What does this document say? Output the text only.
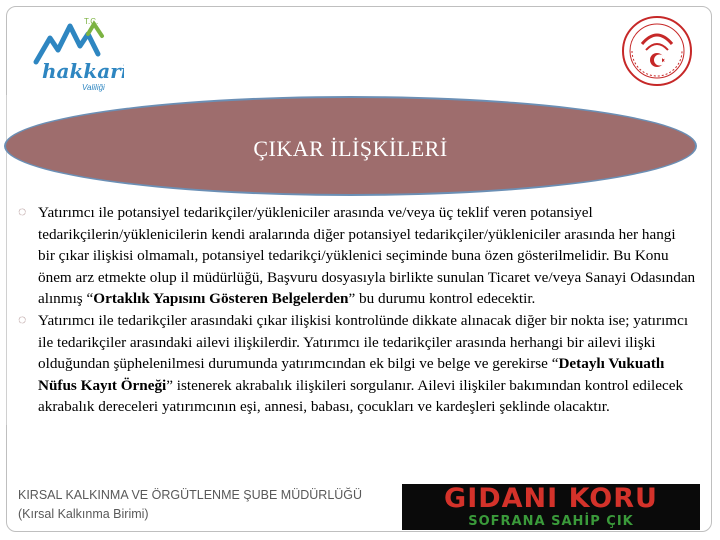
T.C.
hakkari
Valiliği
ÇIKAR İLİŞKİLERİ
◌ Yatırımcı ile potansiyel tedarikçiler/yükleniciler arasında ve/veya üç teklif veren potansiyel tedarikçilerin/yüklenicilerin kendi aralarında diğer potansiyel tedarikçiler/yükleniciler arasında her hangi bir çıkar ilişkisi olmamalı, potansiyel tedarikçi/yüklenici seçiminde buna özen gösterilmelidir. Bu Konu önem arz etmekte olup il müdürlüğü, Başvuru dosyasıyla birlikte sunulan Ticaret ve/veya Sanayi Odasından alınmış “Ortaklık Yapısını Gösteren Belgelerden” bu durumu kontrol edecektir.
◌ Yatırımcı ile tedarikçiler arasındaki çıkar ilişkisi kontrolünde dikkate alınacak diğer bir nokta ise; yatırımcı ile tedarikçiler arasındaki ailevi ilişkilerdir. Yatırımcı ile tedarikçiler arasında herhangi bir ailevi ilişki olduğundan şüphelenilmesi durumunda yatırımcından ek bilgi ve belge ve gerekirse “Detaylı Vukuatlı Nüfus Kayıt Örneği” istenerek akrabalık ilişkileri sorgulanır. Ailevi ilişkiler bakımından kontrol edilecek akrabalık dereceleri yatırımcının eşi, annesi, babası, çocukları ve kardeşleri şeklinde olacaktır.
KIRSAL KALKINMA VE ÖRGÜTLENME ŞUBE MÜDÜRLÜĞÜ
(Kırsal Kalkınma Birimi)	GIDANI KORU
SOFRANA SAHİP ÇIK
